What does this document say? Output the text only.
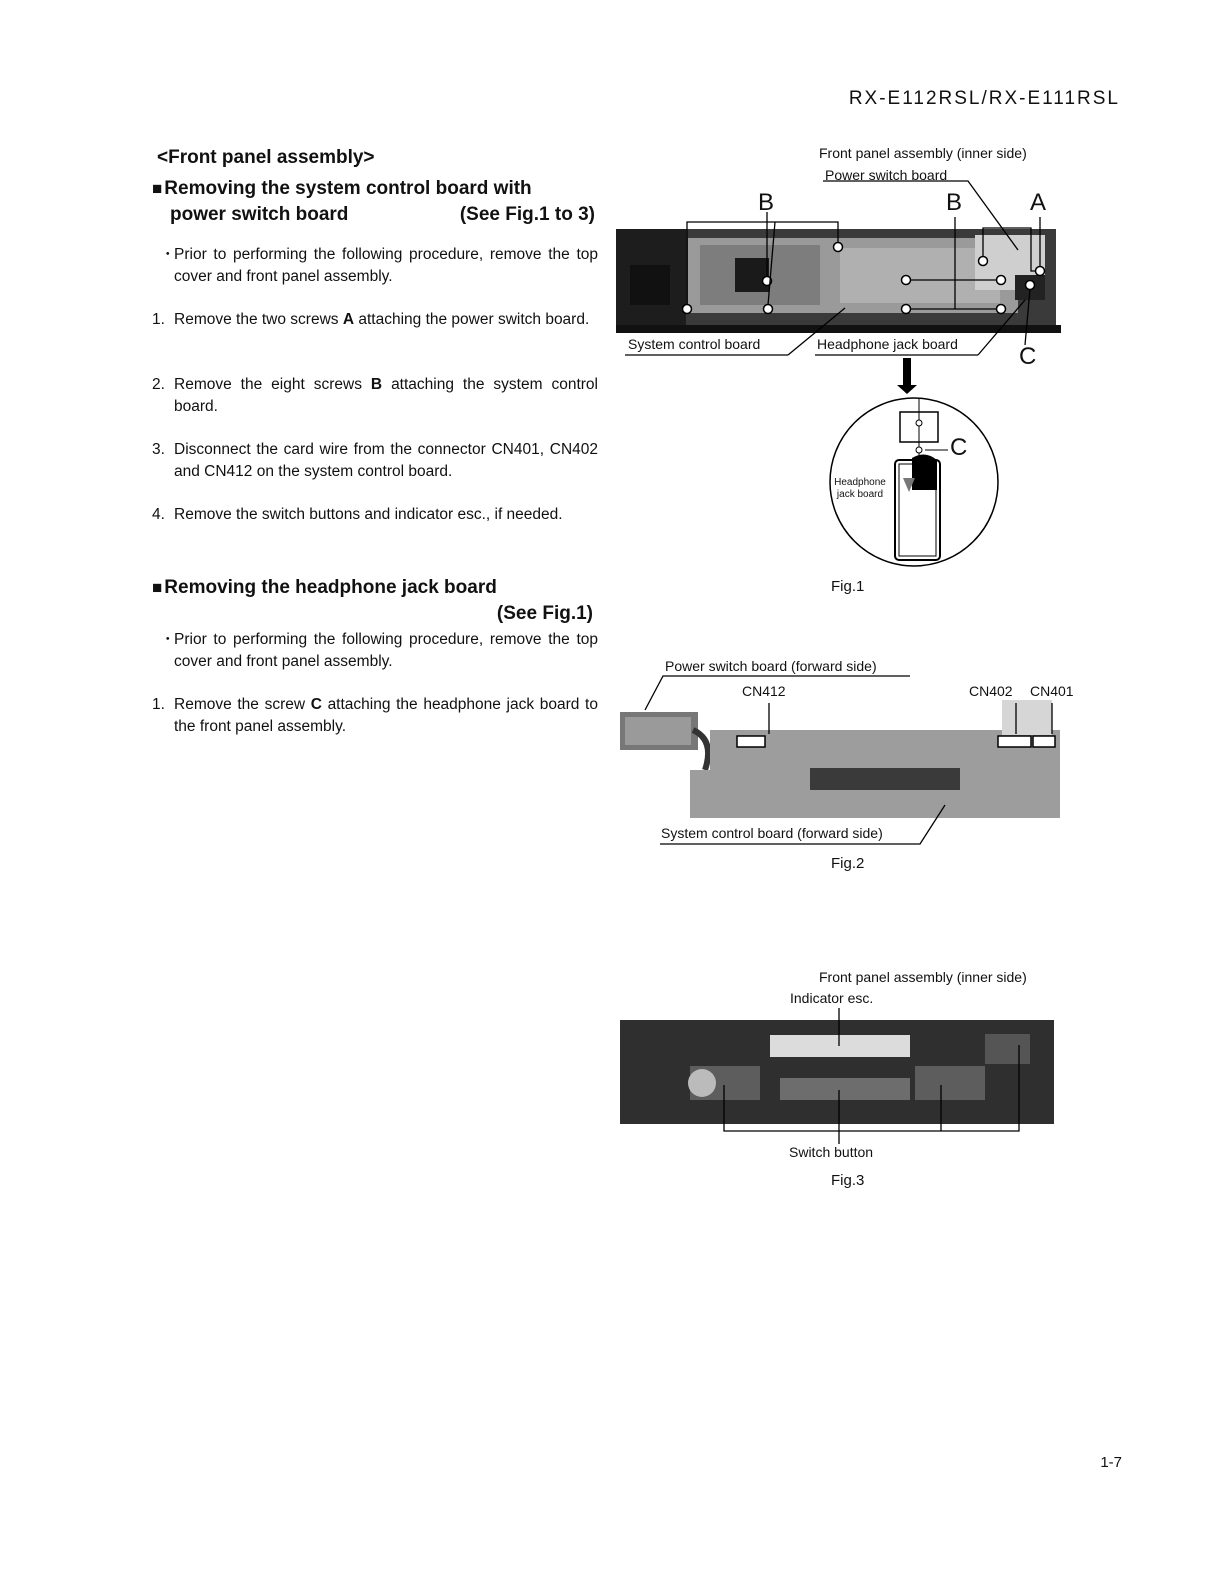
RX-E112RSL/RX-E111RSL
<Front panel assembly>
■ Removing the system control board with
power switch board	(See Fig.1 to 3)
・
Prior to performing the following procedure, remove the top cover and front panel assembly.
1. Remove the two screws A attaching the power switch board.
2. Remove the eight screws B attaching the system control board.
3. Disconnect the card wire from the connector CN401, CN402 and CN412 on the system control board.
4. Remove the switch buttons and indicator esc., if needed.
■ Removing the headphone jack board
(See Fig.1)
・
Prior to performing the following procedure, remove the top cover and front panel assembly.
1. Remove the screw C attaching the headphone jack board to the front panel assembly.
Front panel assembly (inner side)
Power switch board
B	B	A
C
System control board	Headphone jack board
C
Headphone jack board
Fig.1
Power switch board (forward side)
CN412	CN402 CN401
System control board (forward side)
Fig.2
Front panel assembly (inner side)
Indicator esc.
Switch button
Fig.3
1-7
